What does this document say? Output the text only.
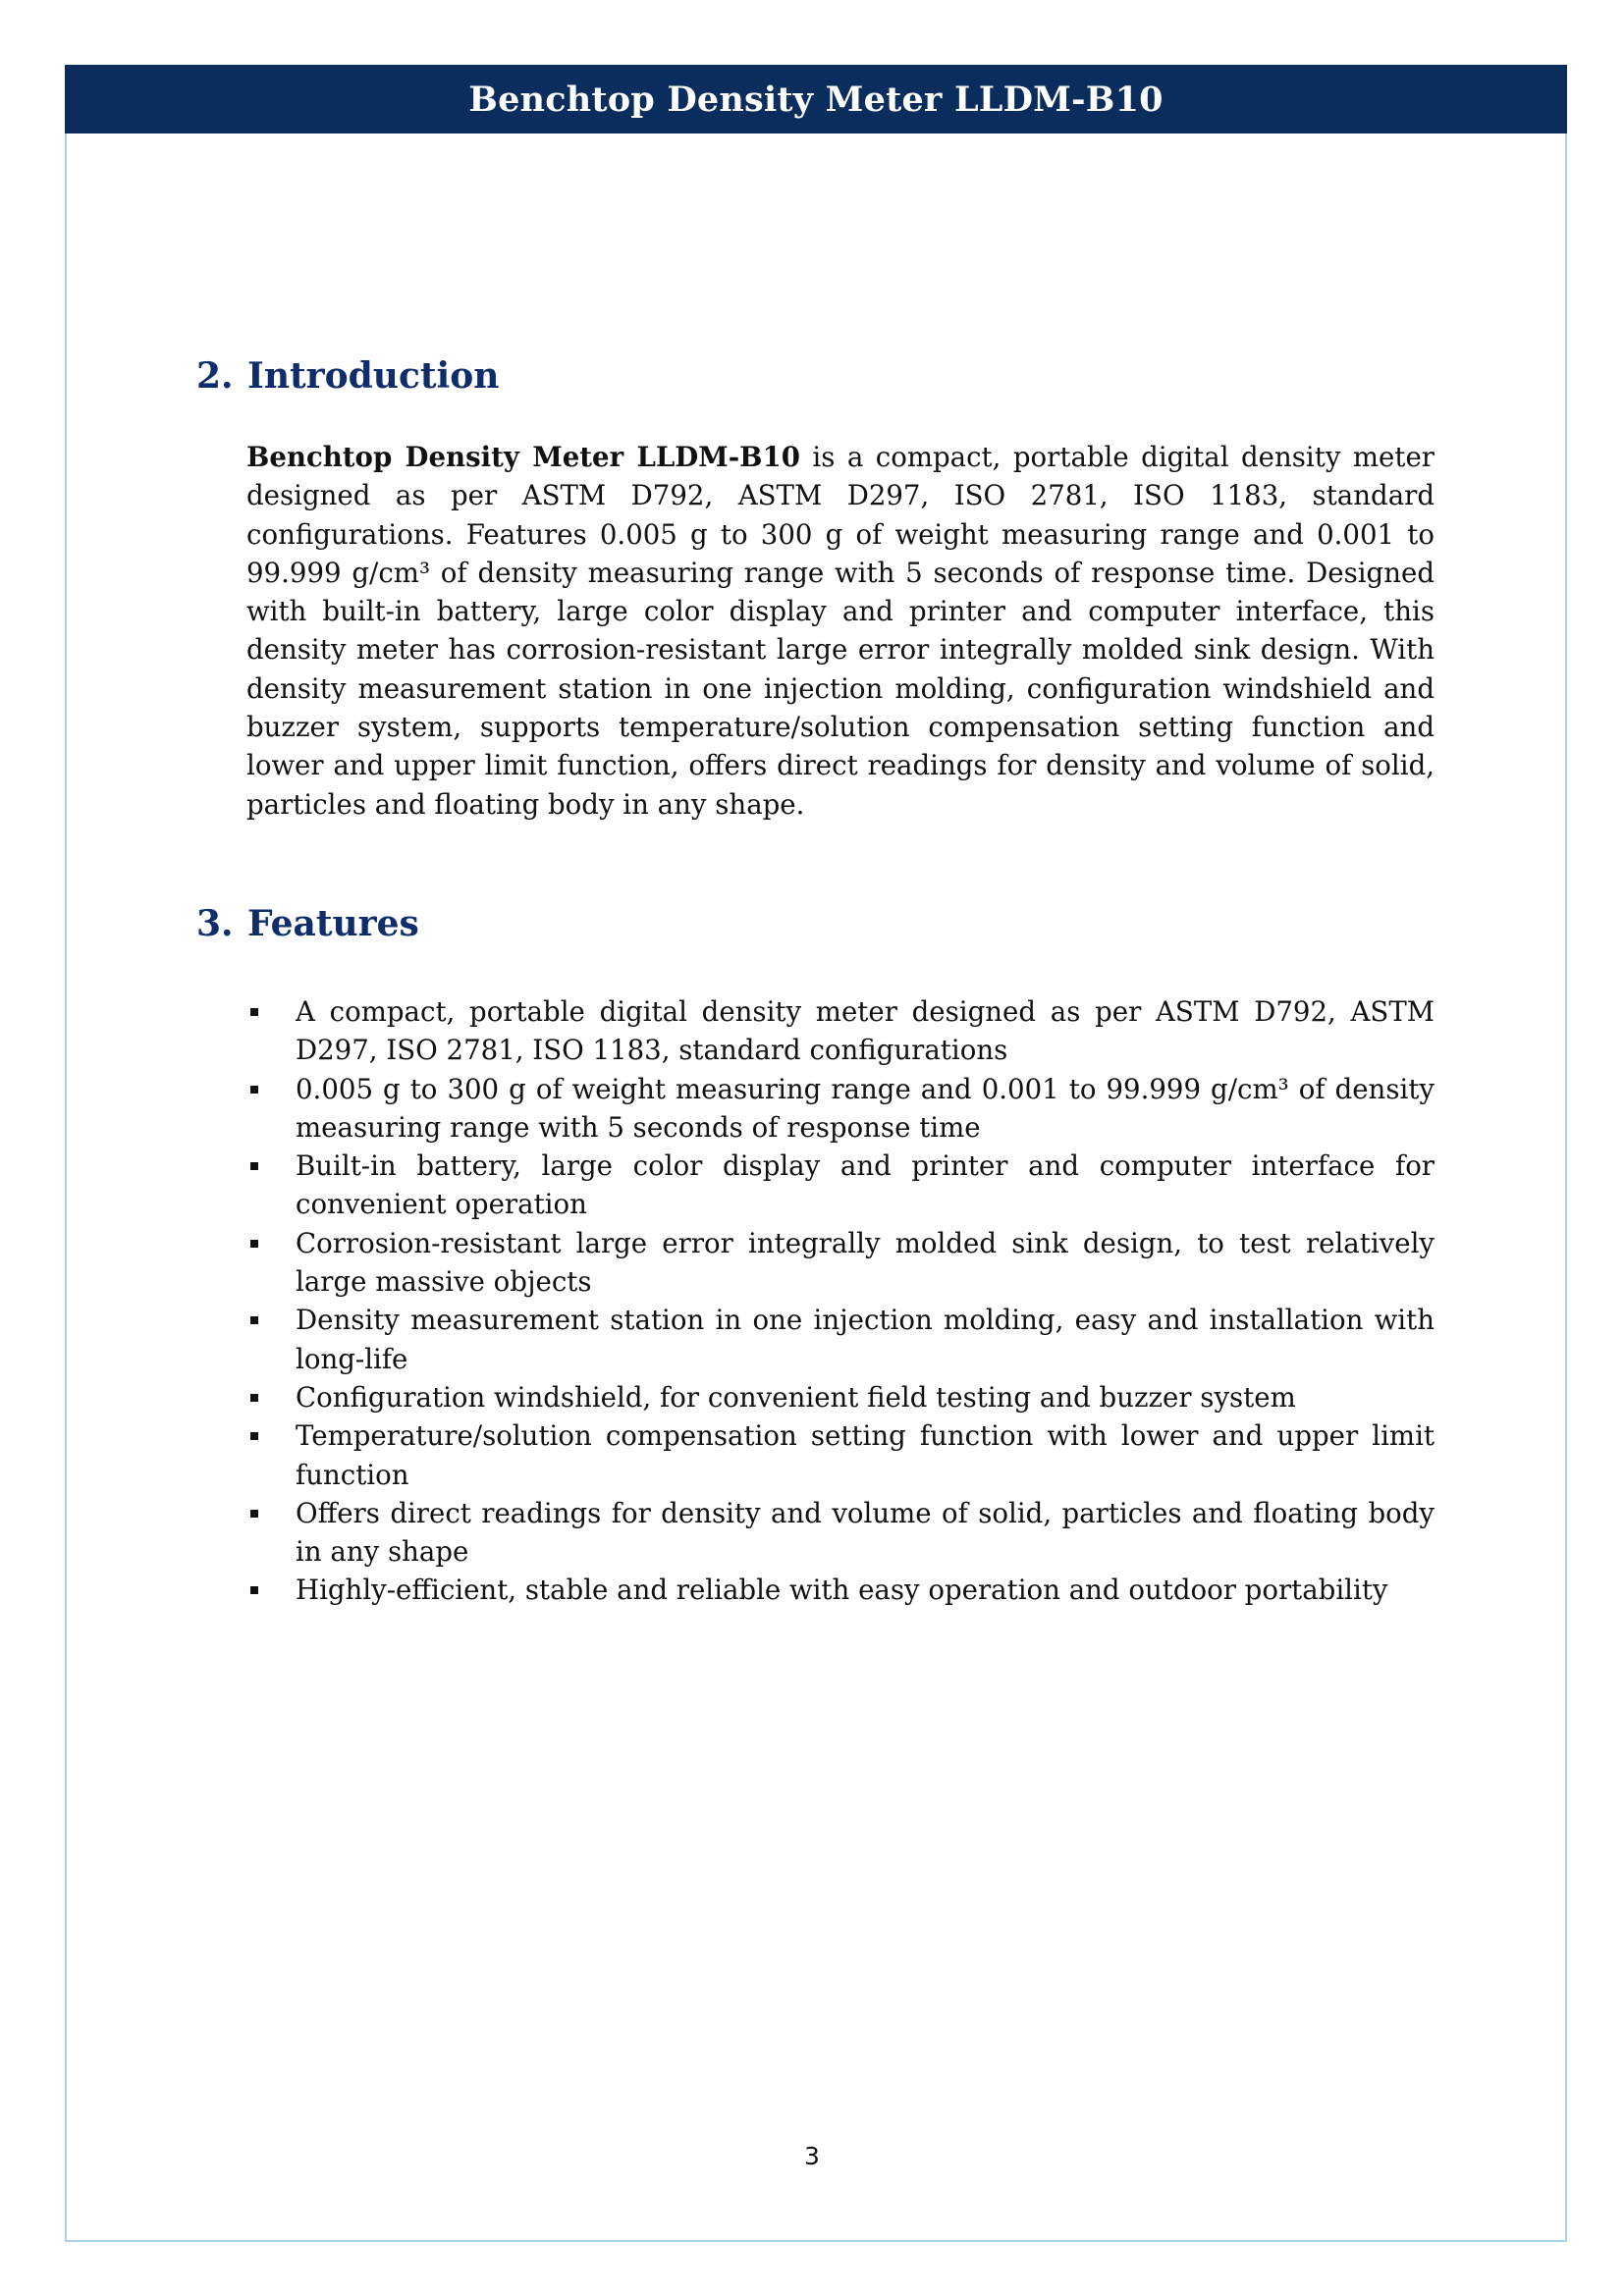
Benchtop Density Meter LLDM-B10
2. Introduction

Benchtop Density Meter LLDM-B10 is a compact, portable digital density meter designed as per ASTM D792, ASTM D297, ISO 2781, ISO 1183, standard configurations. Features 0.005 g to 300 g of weight measuring range and 0.001 to 99.999 g/cm³ of density measuring range with 5 seconds of response time. Designed with built-in battery, large color display and printer and computer interface, this density meter has corrosion-resistant large error integrally molded sink design. With density measurement station in one injection molding, configuration windshield and buzzer system, supports temperature/solution compensation setting function and lower and upper limit function, offers direct readings for density and volume of solid, particles and floating body in any shape.

3. Features
A compact, portable digital density meter designed as per ASTM D792, ASTM D297, ISO 2781, ISO 1183, standard configurations
0.005 g to 300 g of weight measuring range and 0.001 to 99.999 g/cm³ of density measuring range with 5 seconds of response time
Built-in battery, large color display and printer and computer interface for convenient operation
Corrosion-resistant large error integrally molded sink design, to test relatively large massive objects
Density measurement station in one injection molding, easy and installation with long-life
Configuration windshield, for convenient field testing and buzzer system
Temperature/solution compensation setting function with lower and upper limit function
Offers direct readings for density and volume of solid, particles and floating body in any shape
Highly-efficient, stable and reliable with easy operation and outdoor portability
3
